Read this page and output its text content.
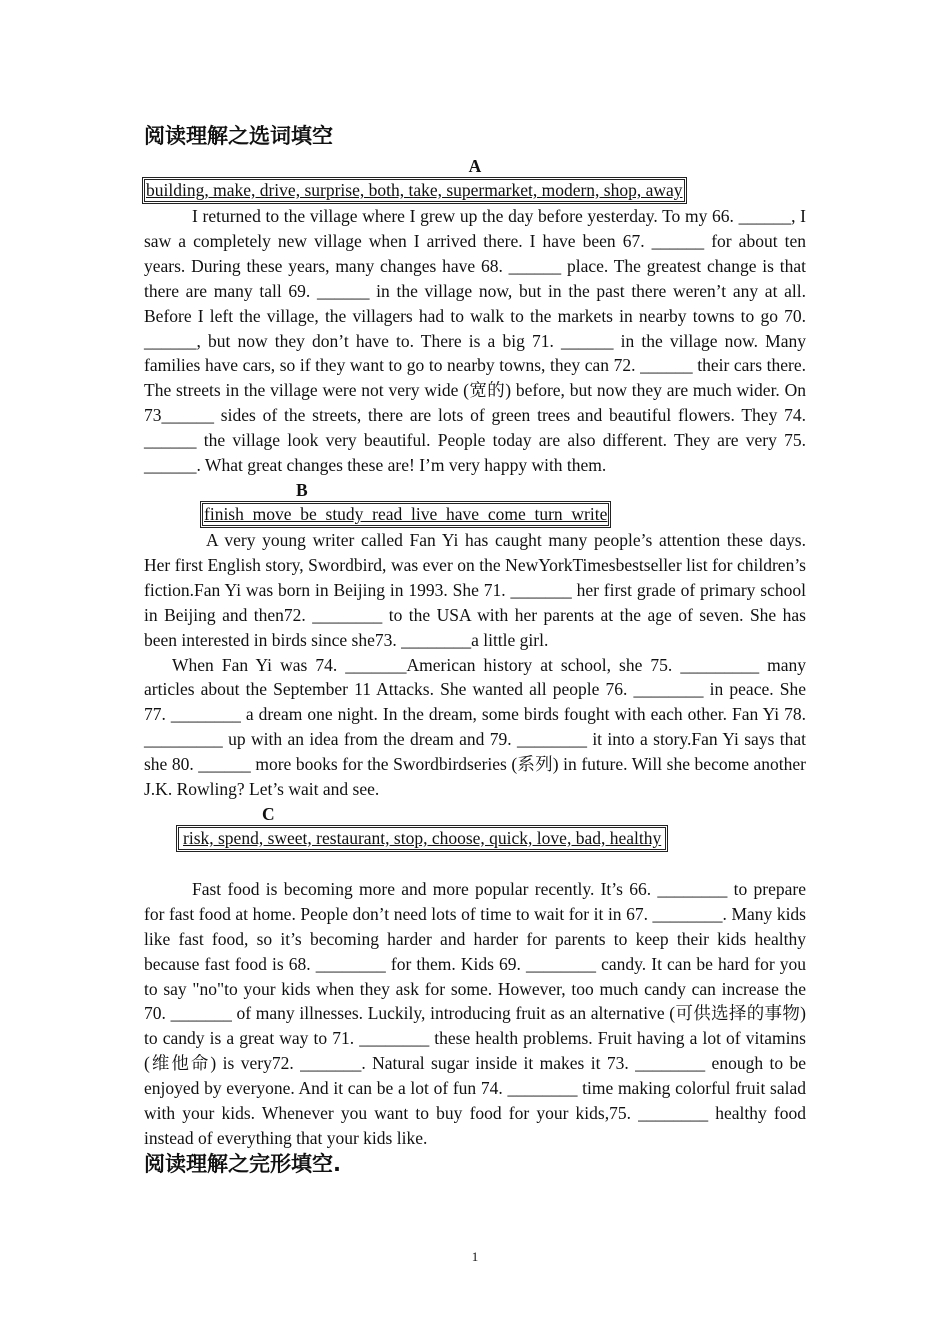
阅读理解之选词填空
A
building, make, drive, surprise, both, take, supermarket, modern, shop, away

I returned to the village where I grew up the day before yesterday. To my 66. ______, I saw a completely new village when I arrived there. I have been 67. ______ for about ten years. During these years, many changes have 68. ______ place. The greatest change is that there are many tall 69. ______ in the village now, but in the past there weren’t any at all. Before I left the village, the villagers had to walk to the markets in nearby towns to go 70. ______, but now they don’t have to. There is a big 71. ______ in the village now. Many families have cars, so if they want to go to nearby towns, they can 72. ______ their cars there. The streets in the village were not very wide (宽的) before, but now they are much wider. On 73______ sides of the streets, there are lots of green trees and beautiful flowers. They 74. ______ the village look very beautiful. People today are also different. They are very 75. ______. What great changes these are! I’m very happy with them.

B
finish  move  be  study  read  live  have  come  turn  write

A very young writer called Fan Yi has caught many people’s attention these days. Her first English story, Swordbird, was ever on the NewYorkTimesbestseller list for children’s fiction.Fan Yi was born in Beijing in 1993. She 71. _______ her first grade of primary school in Beijing and then72. ________ to the USA with her parents at the age of seven. She has been interested in birds since she73. ________a little girl.

When Fan Yi was 74. _______American history at school, she 75. _________ many articles about the September 11 Attacks. She wanted all people 76. ________ in peace. She 77. ________ a dream one night. In the dream, some birds fought with each other. Fan Yi 78. _________ up with an idea from the dream and 79. ________ it into a story.Fan Yi says that she 80. ______ more books for the Swordbirdseries (系列) in future. Will she become another J.K. Rowling? Let’s wait and see.

C
risk, spend, sweet, restaurant, stop, choose, quick, love, bad, healthy

Fast food is becoming more and more popular recently. It’s 66. ________ to prepare for fast food at home. People don’t need lots of time to wait for it in 67. ________. Many kids like fast food, so it’s becoming harder and harder for parents to keep their kids healthy because fast food is 68. ________ for them. Kids 69. ________ candy. It can be hard for you to say "no"to your kids when they ask for some. However, too much candy can increase the 70. _______ of many illnesses. Luckily, introducing fruit as an alternative (可供选择的事物) to candy is a great way to 71. ________ these health problems. Fruit having a lot of vitamins (维他命) is very72. _______. Natural sugar inside it makes it 73. ________ enough to be enjoyed by everyone. And it can be a lot of fun 74. ________ time making colorful fruit salad with your kids. Whenever you want to buy food for your kids,75. ________ healthy food instead of everything that your kids like.

阅读理解之完形填空.
1
